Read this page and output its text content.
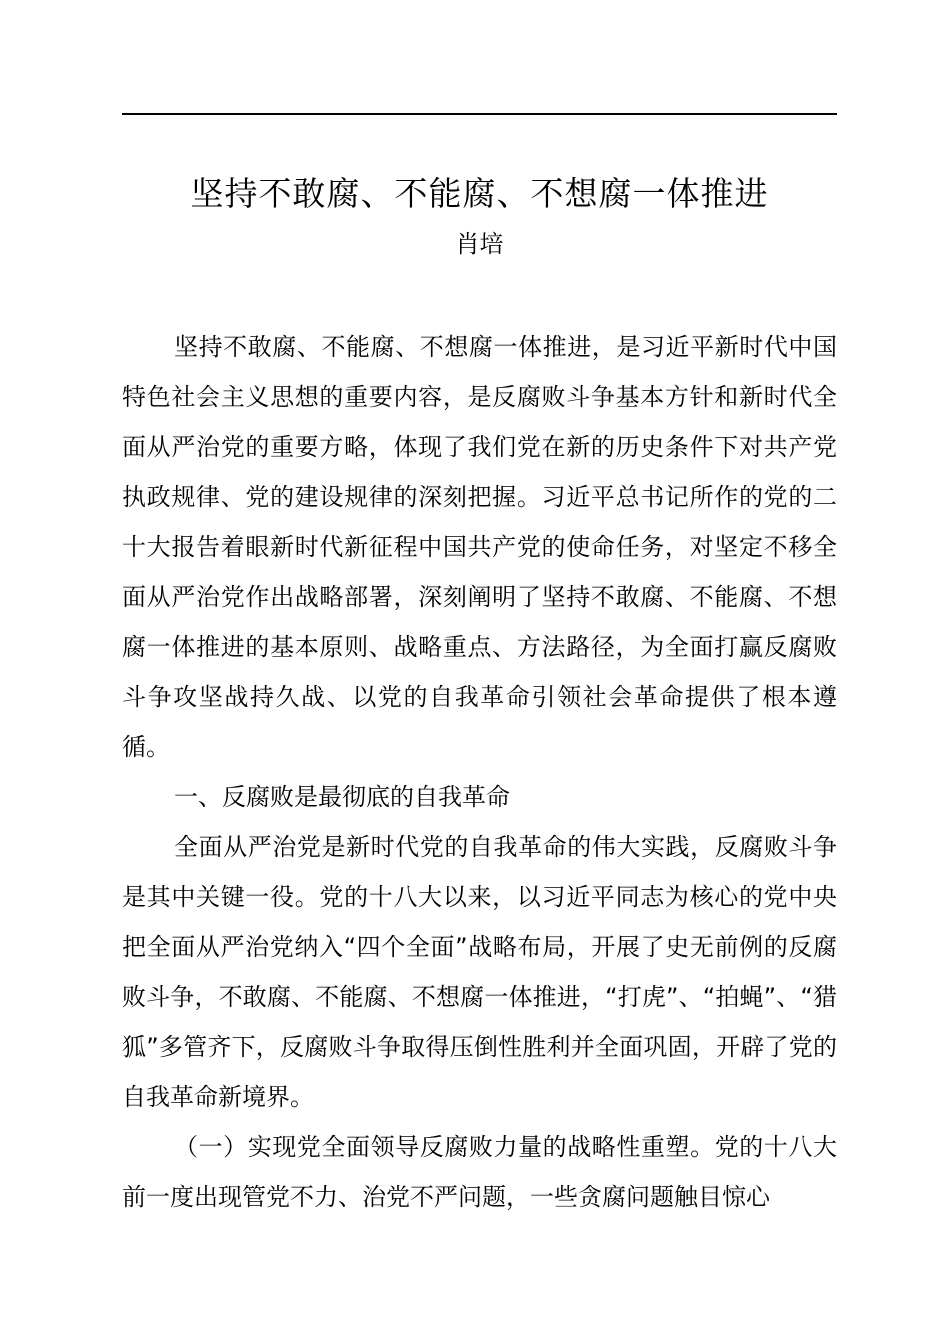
坚持不敢腐、不能腐、不想腐一体推进
肖培

坚持不敢腐、不能腐、不想腐一体推进，是习近平新时代中国特色社会主义思想的重要内容，是反腐败斗争基本方针和新时代全面从严治党的重要方略，体现了我们党在新的历史条件下对共产党执政规律、党的建设规律的深刻把握。习近平总书记所作的党的二十大报告着眼新时代新征程中国共产党的使命任务，对坚定不移全面从严治党作出战略部署，深刻阐明了坚持不敢腐、不能腐、不想腐一体推进的基本原则、战略重点、方法路径，为全面打赢反腐败斗争攻坚战持久战、以党的自我革命引领社会革命提供了根本遵循。

一、反腐败是最彻底的自我革命

全面从严治党是新时代党的自我革命的伟大实践，反腐败斗争是其中关键一役。党的十八大以来，以习近平同志为核心的党中央把全面从严治党纳入“四个全面”战略布局，开展了史无前例的反腐败斗争，不敢腐、不能腐、不想腐一体推进，“打虎”、“拍蝇”、“猎狐”多管齐下，反腐败斗争取得压倒性胜利并全面巩固，开辟了党的自我革命新境界。

（一）实现党全面领导反腐败力量的战略性重塑。党的十八大前一度出现管党不力、治党不严问题，一些贪腐问题触目惊心
